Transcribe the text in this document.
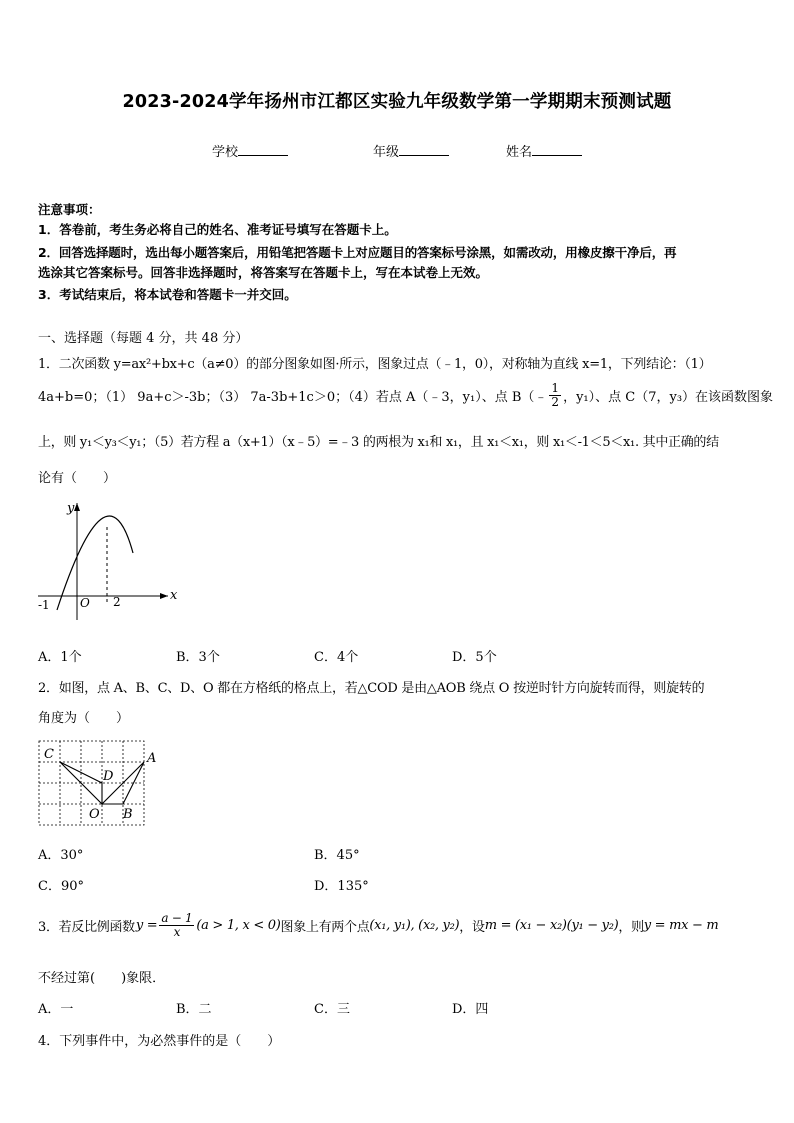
2023-2024学年扬州市江都区实验九年级数学第一学期期末预测试题
学校	年级	姓名
注意事项：
1．答卷前，考生务必将自己的姓名、准考证号填写在答题卡上。
2．回答选择题时，选出每小题答案后，用铅笔把答题卡上对应题目的答案标号涂黑，如需改动，用橡皮擦干净后，再
选涂其它答案标号。回答非选择题时，将答案写在答题卡上，写在本试卷上无效。
3．考试结束后，将本试卷和答题卡一并交回。
一、选择题（每题 4 分，共 48 分）
1．二次函数 y=ax²+bx+c（a≠0）的部分图象如图·所示，图象过点（﹣1，0），对称轴为直线 x=1，下列结论：（1）
4a+b=0；（1） 9a+c＞-3b；（3） 7a-3b+1c＞0；（4）若点 A（﹣3，y₁）、点 B（﹣ $\frac{1}{2}$ ，y₁）、点 C（7，y₃）在该函数图象
上，则 y₁＜y₃＜y₁；（5）若方程 a（x+1）（x﹣5）=﹣3 的两根为 x₁和 x₁，且 x₁＜x₁，则 x₁＜-1＜5＜x₁. 其中正确的结
论有（　　）
y
x
O
-1	2
A．1个	B．3个	C．4个	D．5个
2．如图，点 A、B、C、D、O 都在方格纸的格点上，若△COD 是由△AOB 绕点 O 按逆时针方向旋转而得，则旋转的
角度为（　　）
C
D
A
O B
A．30°	B．45°
C．90°	D．135°
3．若反比例函数 $y = \frac{a - 1}{x} (a > 1$, x < 0) 图象上有两个点 (x₁, y₁), (x₂, y₂) ，设 m = (x₁ − x₂)(y₁ − y₂) ，则 y = mx − m
不经过第(　　)象限．
A．一	B．二	C．三	D．四
4．下列事件中，为必然事件的是（　　）
